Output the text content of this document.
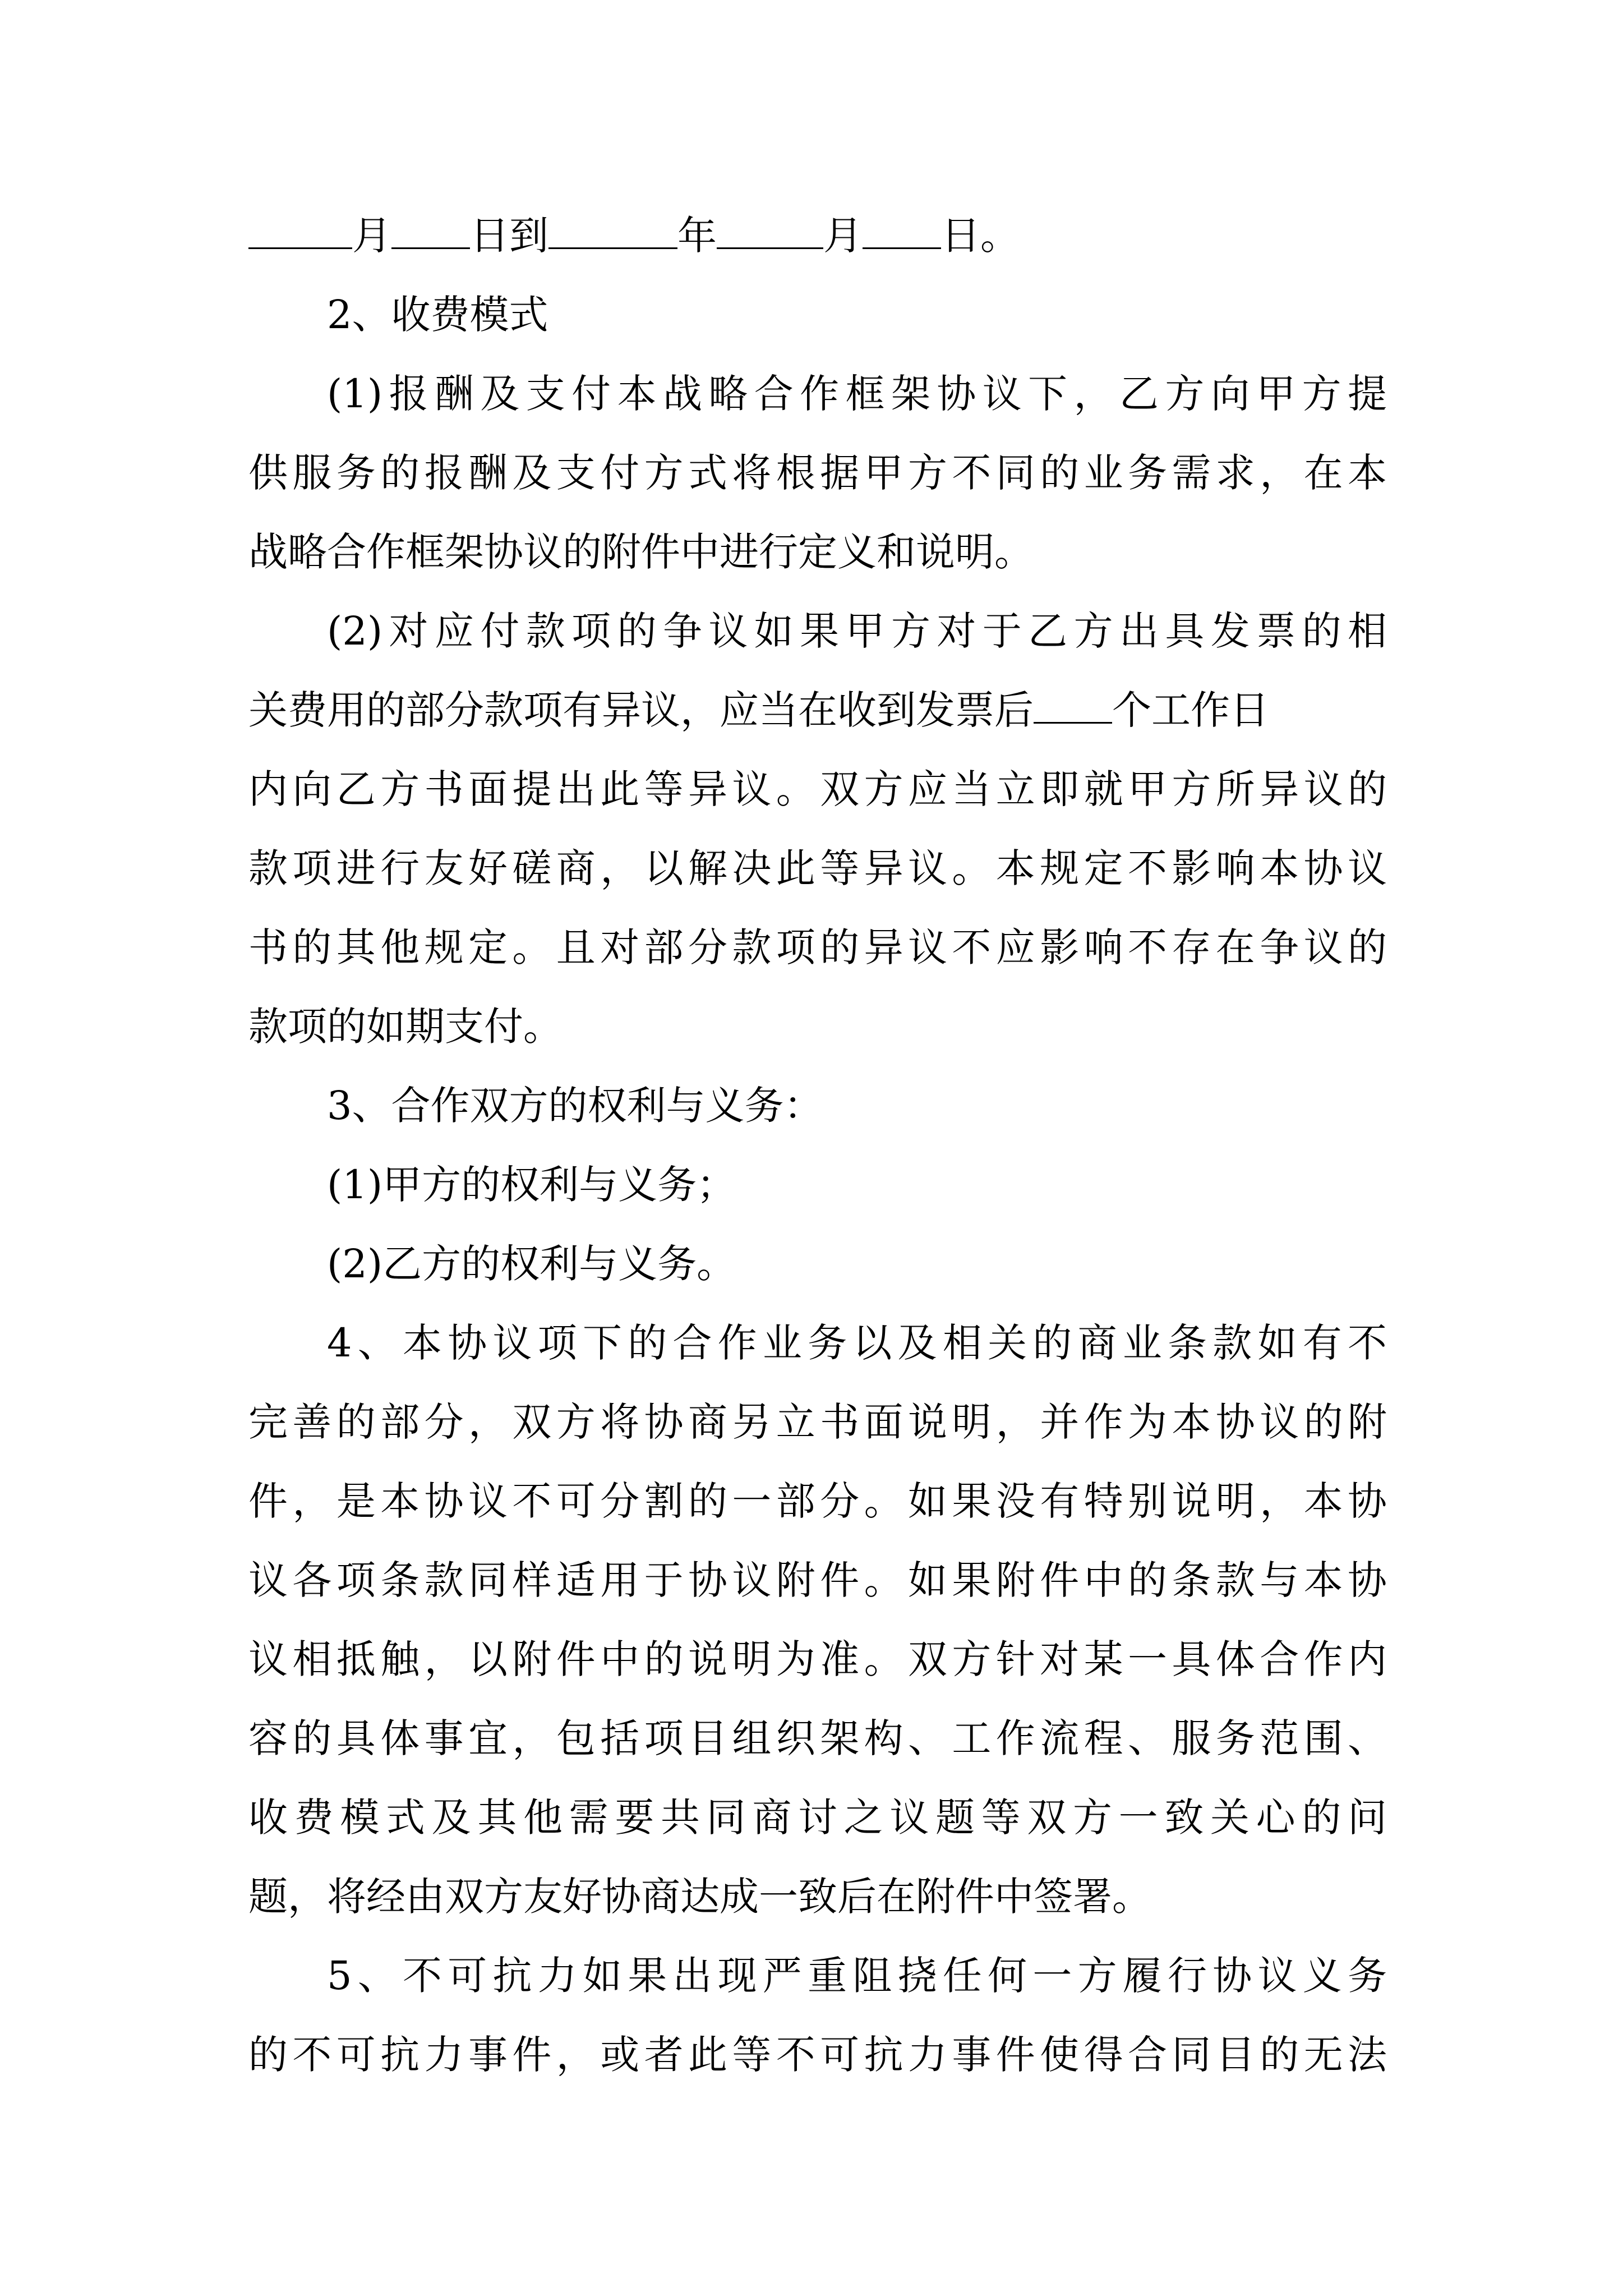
月 日到	年	月 日。
2、收费模式
(1)报酬及支付本战略合作框架协议下，乙方向甲方提
供服务的报酬及支付方式将根据甲方不同的业务需求，在本
战略合作框架协议的附件中进行定义和说明。
(2)对应付款项的争议如果甲方对于乙方出具发票的相
关费用的部分款项有异议，应当在收到发票后 个工作日
内向乙方书面提出此等异议。双方应当立即就甲方所异议的
款项进行友好磋商，以解决此等异议。本规定不影响本协议
书的其他规定。且对部分款项的异议不应影响不存在争议的
款项的如期支付。
3、合作双方的权利与义务：
(1)甲方的权利与义务；
(2)乙方的权利与义务。
4、本协议项下的合作业务以及相关的商业条款如有不
完善的部分，双方将协商另立书面说明，并作为本协议的附
件，是本协议不可分割的一部分。如果没有特别说明，本协
议各项条款同样适用于协议附件。如果附件中的条款与本协
议相抵触，以附件中的说明为准。双方针对某一具体合作内
容的具体事宜，包括项目组织架构、工作流程、服务范围、
收费模式及其他需要共同商讨之议题等双方一致关心的问
题，将经由双方友好协商达成一致后在附件中签署。
5、不可抗力如果出现严重阻挠任何一方履行协议义务
的不可抗力事件，或者此等不可抗力事件使得合同目的无法
